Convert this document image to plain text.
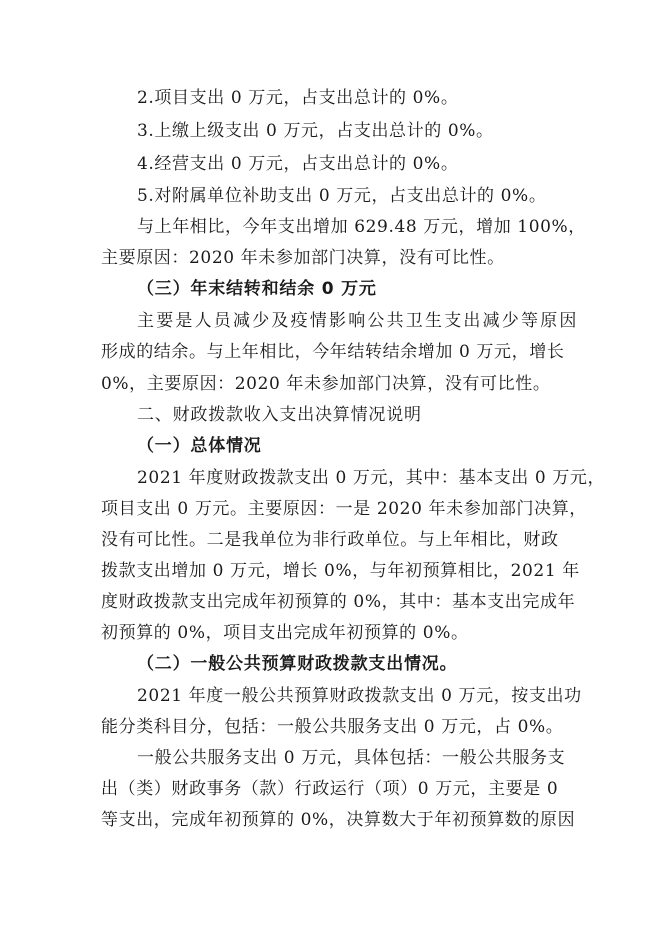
2.项目支出 0 万元，占支出总计的 0%。
3.上缴上级支出 0 万元，占支出总计的 0%。
4.经营支出 0 万元，占支出总计的 0%。
5.对附属单位补助支出 0 万元，占支出总计的 0%。
与上年相比，今年支出增加 629.48 万元，增加 100%，
主要原因：2020 年未参加部门决算，没有可比性。
（三）年末结转和结余 0 万元
主要是人员减少及疫情影响公共卫生支出减少等原因
形成的结余。与上年相比，今年结转结余增加 0 万元，增长
0%，主要原因：2020 年未参加部门决算，没有可比性。
二、财政拨款收入支出决算情况说明
（一）总体情况
2021 年度财政拨款支出 0 万元，其中：基本支出 0 万元，
项目支出 0 万元。主要原因：一是 2020 年未参加部门决算，
没有可比性。二是我单位为非行政单位。与上年相比，财政
拨款支出增加 0 万元，增长 0%，与年初预算相比，2021 年
度财政拨款支出完成年初预算的 0%，其中：基本支出完成年
初预算的 0%，项目支出完成年初预算的 0%。
（二）一般公共预算财政拨款支出情况。
2021 年度一般公共预算财政拨款支出 0 万元，按支出功
能分类科目分，包括：一般公共服务支出 0 万元，占 0%。
一般公共服务支出 0 万元，具体包括：一般公共服务支
出（类）财政事务（款）行政运行（项）0 万元，主要是 0
等支出，完成年初预算的 0%，决算数大于年初预算数的原因
